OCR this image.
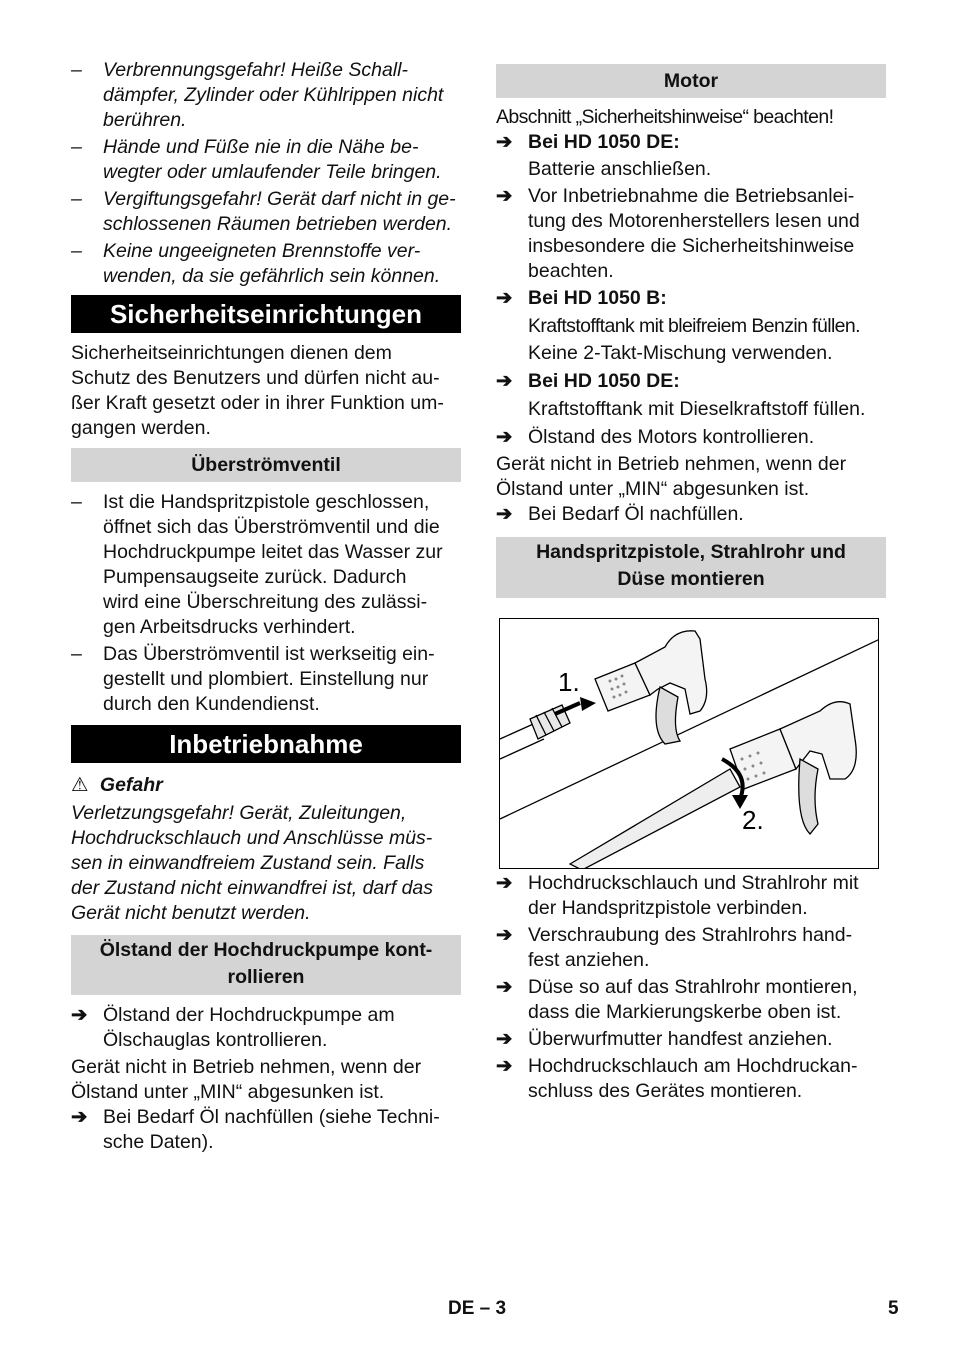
–	Verbrennungsgefahr! Heiße Schall-
dämpfer, Zylinder oder Kühlrippen nicht
berühren.
–	Hände und Füße nie in die Nähe be-
wegter oder umlaufender Teile bringen.
–	Vergiftungsgefahr! Gerät darf nicht in ge-
schlossenen Räumen betrieben werden.
–	Keine ungeeigneten Brennstoffe ver-
wenden, da sie gefährlich sein können.
Sicherheitseinrichtungen

Sicherheitseinrichtungen dienen dem
Schutz des Benutzers und dürfen nicht au-
ßer Kraft gesetzt oder in ihrer Funktion um-
gangen werden.

Überströmventil
–	Ist die Handspritzpistole geschlossen,
öffnet sich das Überströmventil und die
Hochdruckpumpe leitet das Wasser zur
Pumpensaugseite zurück. Dadurch
wird eine Überschreitung des zulässi-
gen Arbeitsdrucks verhindert.
–	Das Überströmventil ist werkseitig ein-
gestellt und plombiert. Einstellung nur
durch den Kundendienst.
Inbetriebnahme
⚠ Gefahr

Verletzungsgefahr! Gerät, Zuleitungen,
Hochdruckschlauch und Anschlüsse müs-
sen in einwandfreiem Zustand sein. Falls
der Zustand nicht einwandfrei ist, darf das
Gerät nicht benutzt werden.

Ölstand der Hochdruckpumpe kont-
rollieren
➔ Ölstand der Hochdruckpumpe am
Ölschauglas kontrollieren.

Gerät nicht in Betrieb nehmen, wenn der
Ölstand unter „MIN“ abgesunken ist.

➔ Bei Bedarf Öl nachfüllen (siehe Techni-
sche Daten).
Motor

Abschnitt „Sicherheitshinweise“ beachten!

➔ Bei HD 1050 DE:

Batterie anschließen.

➔ Vor Inbetriebnahme die Betriebsanlei-
tung des Motorenherstellers lesen und
insbesondere die Sicherheitshinweise
beachten.
➔ Bei HD 1050 B:

Kraftstofftank mit bleifreiem Benzin füllen.

Keine 2-Takt-Mischung verwenden.

➔ Bei HD 1050 DE:

Kraftstofftank mit Dieselkraftstoff füllen.

➔ Ölstand des Motors kontrollieren.

Gerät nicht in Betrieb nehmen, wenn der
Ölstand unter „MIN“ abgesunken ist.

➔ Bei Bedarf Öl nachfüllen.
Handspritzpistole, Strahlrohr und
Düse montieren
1.
2.
➔ Hochdruckschlauch und Strahlrohr mit
der Handspritzpistole verbinden.
➔ Verschraubung des Strahlrohrs hand-
fest anziehen.
➔ Düse so auf das Strahlrohr montieren,
dass die Markierungskerbe oben ist.
➔ Überwurfmutter handfest anziehen.
➔ Hochdruckschlauch am Hochdruckan-
schluss des Gerätes montieren.
DE – 3	5
